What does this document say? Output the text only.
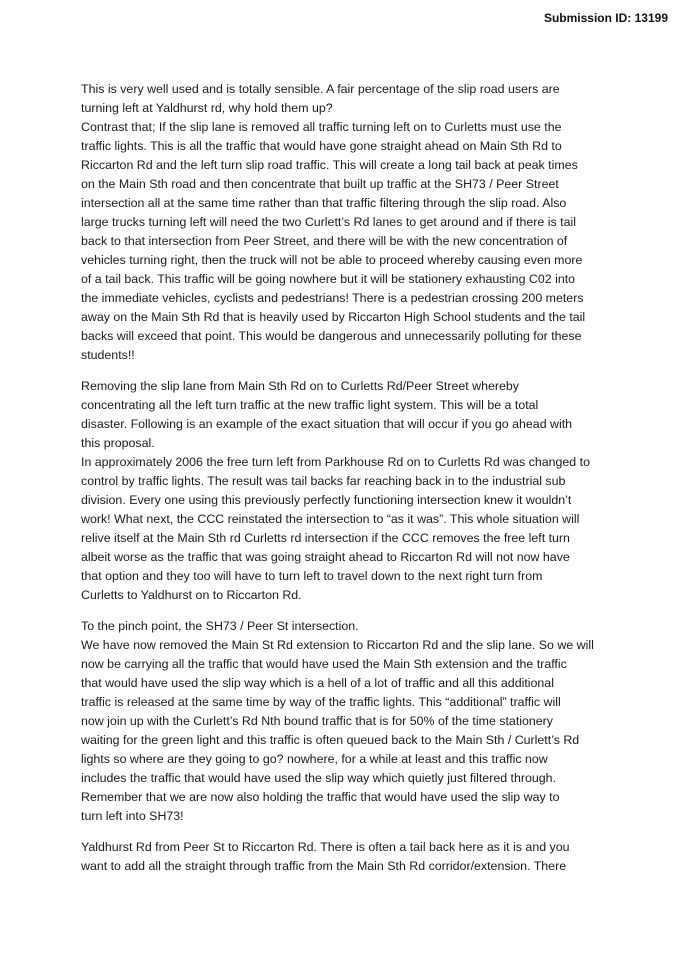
Submission ID: 13199
This is very well used and is totally sensible. A fair percentage of the slip road users are
turning left at Yaldhurst rd, why hold them up?
Contrast that; If the slip lane is removed all traffic turning left on to Curletts must use the
traffic lights. This is all the traffic that would have gone straight ahead on Main Sth Rd to
Riccarton Rd and the left turn slip road traffic. This will create a long tail back at peak times
on the Main Sth road and then concentrate that built up traffic at the SH73 / Peer Street
intersection all at the same time rather than that traffic filtering through the slip road. Also
large trucks turning left will need the two Curlett’s Rd lanes to get around and if there is tail
back to that intersection from Peer Street, and there will be with the new concentration of
vehicles turning right, then the truck will not be able to proceed whereby causing even more
of a tail back. This traffic will be going nowhere but it will be stationery exhausting C02 into
the immediate vehicles, cyclists and pedestrians! There is a pedestrian crossing 200 meters
away on the Main Sth Rd that is heavily used by Riccarton High School students and the tail
backs will exceed that point. This would be dangerous and unnecessarily polluting for these
students!!
Removing the slip lane from Main Sth Rd on to Curletts Rd/Peer Street whereby
concentrating all the left turn traffic at the new traffic light system. This will be a total
disaster. Following is an example of the exact situation that will occur if you go ahead with
this proposal.
In approximately 2006 the free turn left from Parkhouse Rd on to Curletts Rd was changed to
control by traffic lights. The result was tail backs far reaching back in to the industrial sub
division. Every one using this previously perfectly functioning intersection knew it wouldn’t
work! What next, the CCC reinstated the intersection to “as it was”. This whole situation will
relive itself at the Main Sth rd Curletts rd intersection if the CCC removes the free left turn
albeit worse as the traffic that was going straight ahead to Riccarton Rd will not now have
that option and they too will have to turn left to travel down to the next right turn from
Curletts to Yaldhurst on to Riccarton Rd.
To the pinch point, the SH73 / Peer St intersection.
We have now removed the Main St Rd extension to Riccarton Rd and the slip lane. So we will
now be carrying all the traffic that would have used the Main Sth extension and the traffic
that would have used the slip way which is a hell of a lot of traffic and all this additional
traffic is released at the same time by way of the traffic lights. This “additional” traffic will
now join up with the Curlett’s Rd Nth bound traffic that is for 50% of the time stationery
waiting for the green light and this traffic is often queued back to the Main Sth / Curlett’s Rd
lights so where are they going to go? nowhere, for a while at least and this traffic now
includes the traffic that would have used the slip way which quietly just filtered through.
Remember that we are now also holding the traffic that would have used the slip way to
turn left into SH73!
Yaldhurst Rd from Peer St to Riccarton Rd. There is often a tail back here as it is and you
want to add all the straight through traffic from the Main Sth Rd corridor/extension. There
